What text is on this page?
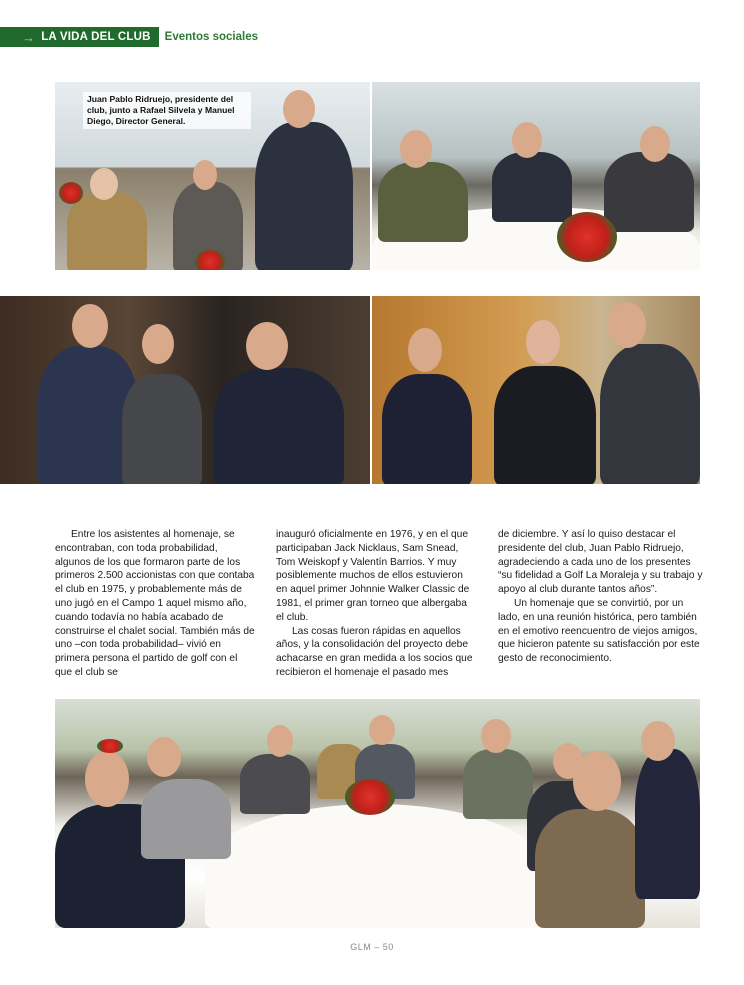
→ LA VIDA DEL CLUB Eventos sociales
Juan Pablo Ridruejo, presidente del club, junto a Rafael Silvela y Manuel Diego, Director General.

Entre los asistentes al homenaje, se encontraban, con toda probabilidad, algunos de los que formaron parte de los primeros 2.500 accionistas con que contaba el club en 1975, y probablemente más de uno jugó en el Campo 1 aquel mismo año, cuando todavía no había acabado de construirse el chalet social. También más de uno –con toda probabilidad– vivió en primera persona el partido de golf con el que el club se

inauguró oficialmente en 1976, y en el que participaban Jack Nicklaus, Sam Snead, Tom Weiskopf y Valentín Barrios. Y muy posiblemente muchos de ellos estuvieron en aquel primer Johnnie Walker Classic de 1981, el primer gran torneo que albergaba el club.

Las cosas fueron rápidas en aquellos años, y la consolidación del proyecto debe achacarse en gran medida a los socios que recibieron el homenaje el pasado mes

de diciembre. Y así lo quiso destacar el presidente del club, Juan Pablo Ridruejo, agradeciendo a cada uno de los presentes “su fidelidad a Golf La Moraleja y su trabajo y apoyo al club durante tantos años”.

Un homenaje que se convirtió, por un lado, en una reunión histórica, pero también en el emotivo reencuentro de viejos amigos, que hicieron patente su satisfacción por este gesto de reconocimiento.

GLM – 50
